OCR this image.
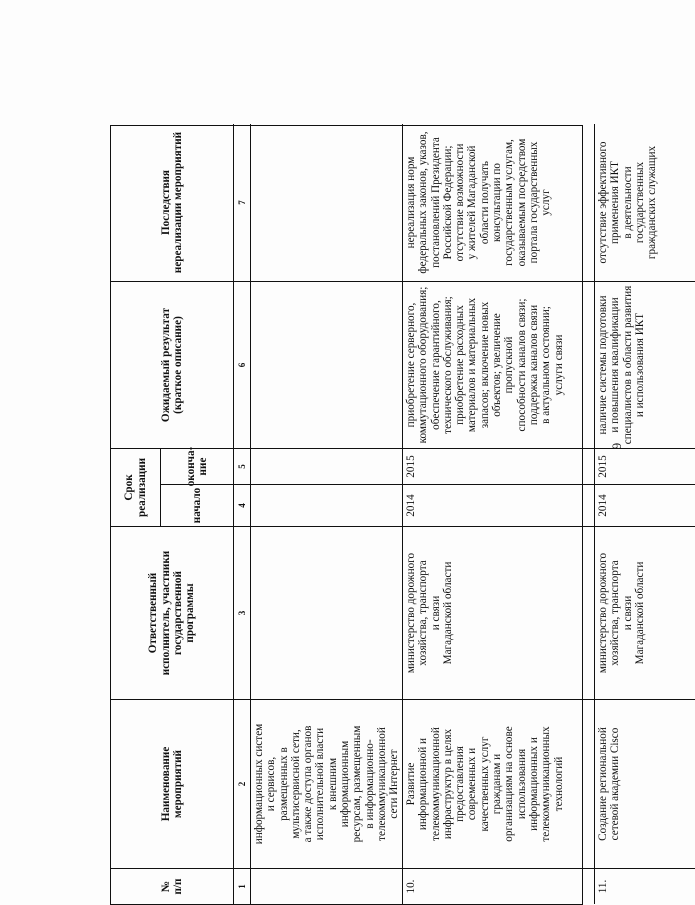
6
№
п/п
Наименование
мероприятий
Ответственный
исполнитель, участники
государственной
программы
Срок реализации	начало
оконча-
ние
Ожидаемый результат
(краткое описание)
Последствия
нереализации мероприятий
1
2
3
4
5
6
7
информационных систем
и сервисов,
размещенных в
мультисервисной сети,
а также доступа органов
исполнительной власти
к внешним
информационным
ресурсам, размещенным
в информационно-
телекоммуникационной
сети Интернет
10.
Развитие
информационной и
телекоммуникационной
инфраструктур в целях
предоставления
современных и
качественных услуг
гражданам и
организациям на основе
использования
информационных и
телекоммуникационных
технологий
министерство дорожного
хозяйства, транспорта
и связи
Магаданской области
2014
2015
приобретение серверного,
коммутационного оборудования;
обеспечение гарантийного,
технического обслуживания;
приобретение расходных
материалов и материальных
запасов; включение новых
объектов; увеличение пропускной
способности каналов связи;
поддержка каналов связи
в актуальном состоянии;
услуги связи
нереализация норм
федеральных законов, указов,
постановлений Президента
Российской Федерации;
отсутствие возможности
у жителей Магаданской
области получать
консультации по
государственным услугам,
оказываемым посредством
портала государственных
услуг
11.
Создание региональной
сетевой академии Cisco
министерство дорожного
хозяйства, транспорта
и связи
Магаданской области
2014
2015
наличие системы подготовки
и повышения квалификации
специалистов в области развития
и использования ИКТ
отсутствие эффективного
применения ИКТ
в деятельности
государственных
гражданских служащих
